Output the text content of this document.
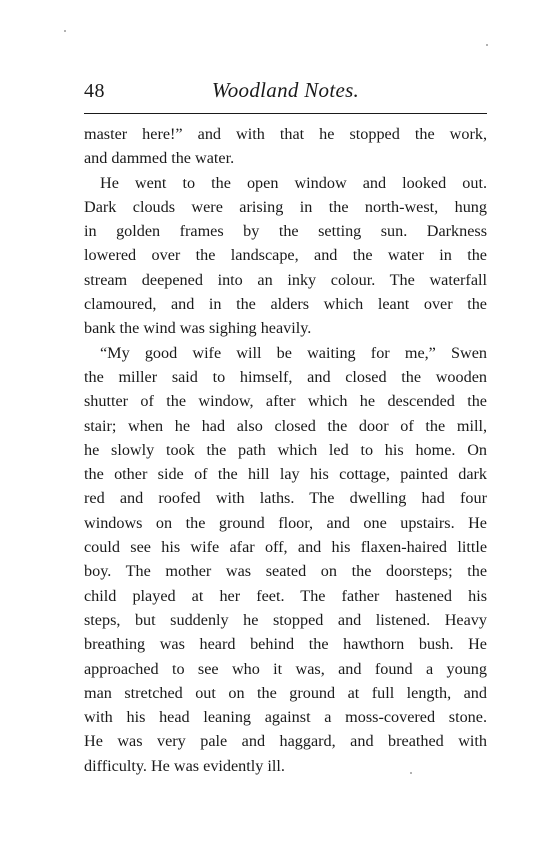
48	Woodland Notes.
master here!” and with that he stopped the work,
and dammed the water.
He went to the open window and looked out.
Dark clouds were arising in the north-west, hung
in golden frames by the setting sun. Darkness
lowered over the landscape, and the water in the
stream deepened into an inky colour. The waterfall
clamoured, and in the alders which leant over the
bank the wind was sighing heavily.
“My good wife will be waiting for me,” Swen
the miller said to himself, and closed the wooden
shutter of the window, after which he descended the
stair; when he had also closed the door of the mill,
he slowly took the path which led to his home. On
the other side of the hill lay his cottage, painted dark
red and roofed with laths. The dwelling had four
windows on the ground floor, and one upstairs. He
could see his wife afar off, and his flaxen-haired little
boy. The mother was seated on the doorsteps; the
child played at her feet. The father hastened his
steps, but suddenly he stopped and listened. Heavy
breathing was heard behind the hawthorn bush. He
approached to see who it was, and found a young
man stretched out on the ground at full length, and
with his head leaning against a moss-covered stone.
He was very pale and haggard, and breathed with
difficulty. He was evidently ill.
